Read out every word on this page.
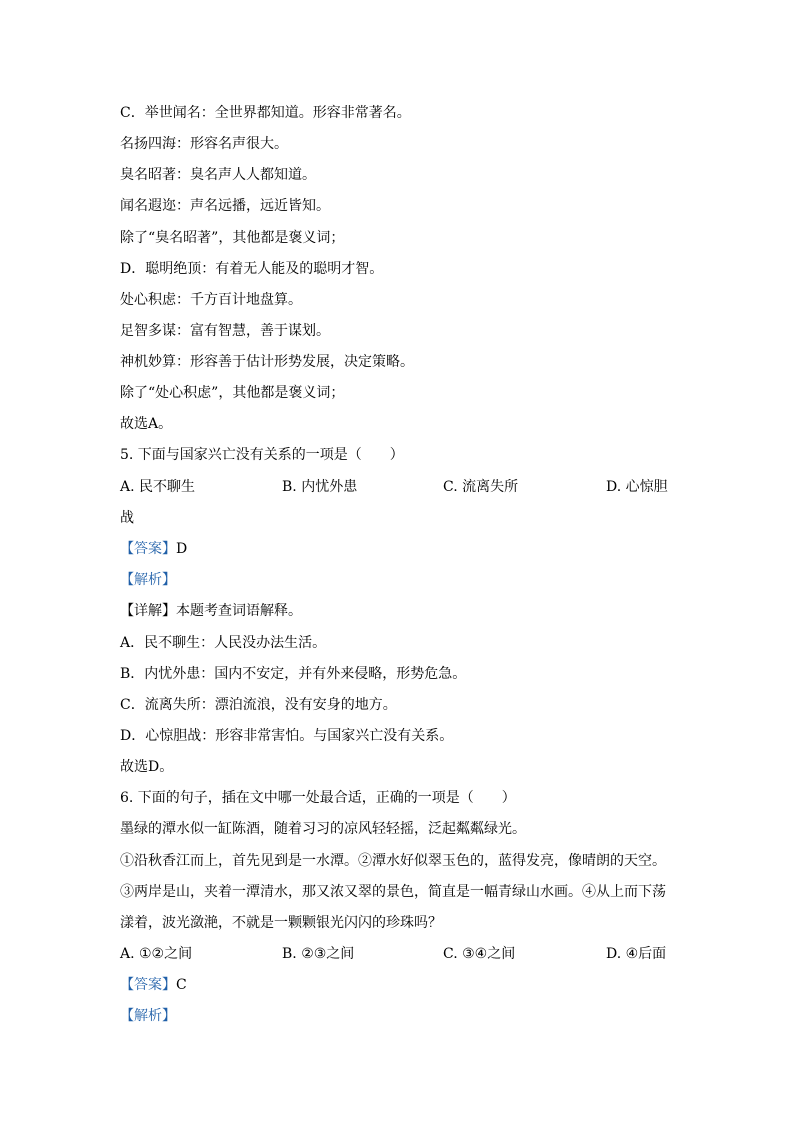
C．举世闻名：全世界都知道。形容非常著名。
名扬四海：形容名声很大。
臭名昭著：臭名声人人都知道。
闻名遐迩：声名远播，远近皆知。
除了“臭名昭著”，其他都是褒义词；
D．聪明绝顶：有着无人能及的聪明才智。
处心积虑：千方百计地盘算。
足智多谋：富有智慧，善于谋划。
神机妙算：形容善于估计形势发展，决定策略。
除了“处心积虑”，其他都是褒义词；
故选A。
5. 下面与国家兴亡没有关系的一项是（　　）
A. 民不聊生	B. 内忧外患	C. 流离失所	D. 心惊胆
战
【答案】D
【解析】
【详解】本题考查词语解释。
A．民不聊生：人民没办法生活。
B．内忧外患：国内不安定，并有外来侵略，形势危急。
C．流离失所：漂泊流浪，没有安身的地方。
D．心惊胆战：形容非常害怕。与国家兴亡没有关系。
故选D。
6. 下面的句子，插在文中哪一处最合适，正确的一项是（　　）
墨绿的潭水似一缸陈酒，随着习习的凉风轻轻摇，泛起粼粼绿光。
①沿秋香江而上，首先见到是一水潭。②潭水好似翠玉色的，蓝得发亮，像晴朗的天空。
③两岸是山，夹着一潭清水，那又浓又翠的景色，简直是一幅青绿山水画。④从上而下荡
漾着，波光潋滟，不就是一颗颗银光闪闪的珍珠吗？
A. ①②之间	B. ②③之间	C. ③④之间	D. ④后面
【答案】C
【解析】
